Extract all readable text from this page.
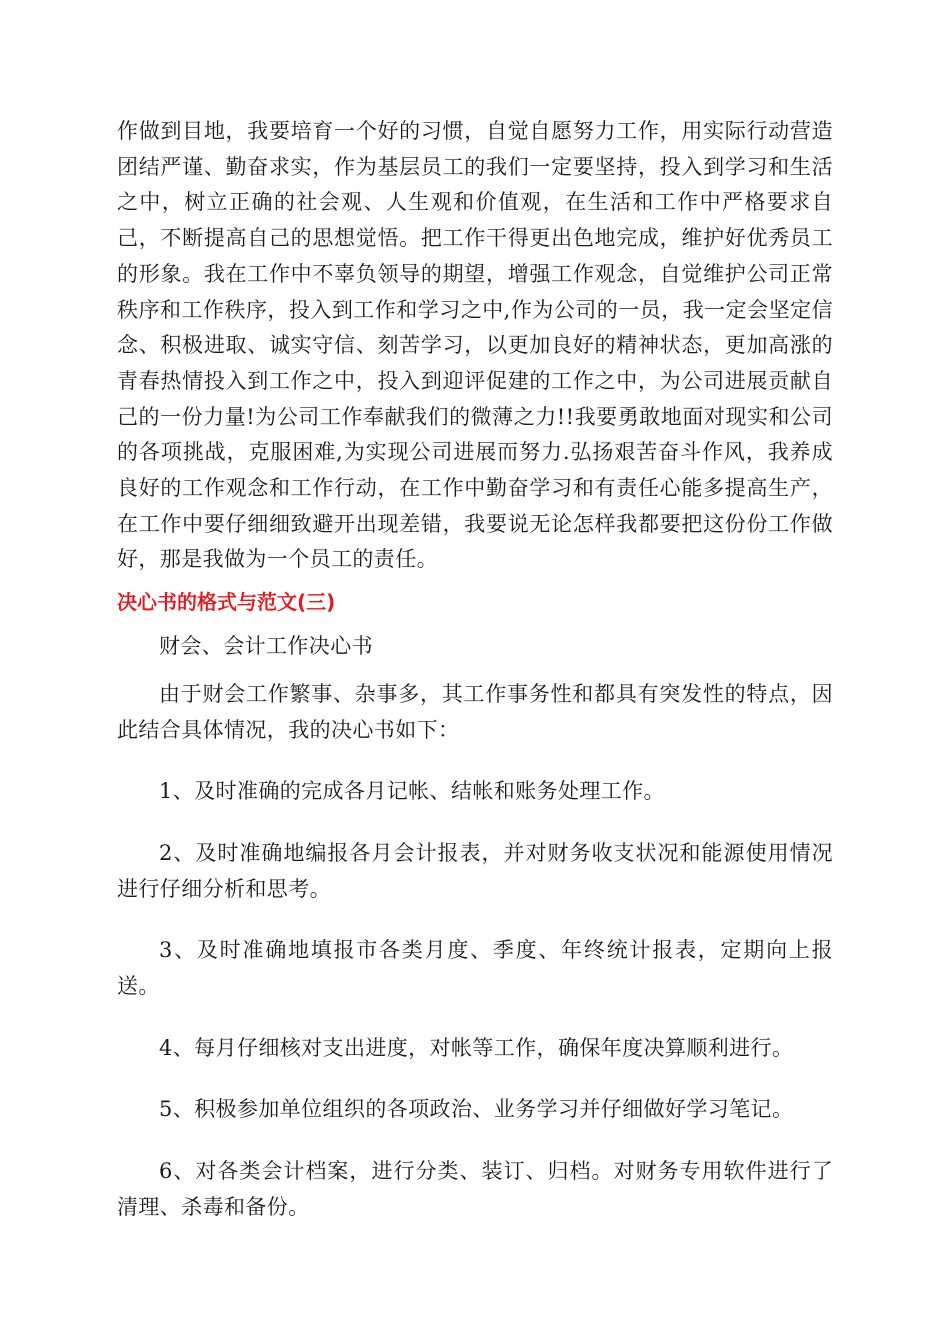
作做到目地，我要培育一个好的习惯，自觉自愿努力工作，用实际行动营造团结严谨、勤奋求实，作为基层员工的我们一定要坚持，投入到学习和生活之中，树立正确的社会观、人生观和价值观，在生活和工作中严格要求自己，不断提高自己的思想觉悟。把工作干得更出色地完成，维护好优秀员工的形象。我在工作中不辜负领导的期望，增强工作观念，自觉维护公司正常秩序和工作秩序，投入到工作和学习之中,作为公司的一员，我一定会坚定信念、积极进取、诚实守信、刻苦学习，以更加良好的精神状态，更加高涨的青春热情投入到工作之中，投入到迎评促建的工作之中，为公司进展贡献自己的一份力量!为公司工作奉献我们的微薄之力!!我要勇敢地面对现实和公司的各项挑战，克服困难,为实现公司进展而努力.弘扬艰苦奋斗作风，我养成良好的工作观念和工作行动，在工作中勤奋学习和有责任心能多提高生产，在工作中要仔细细致避开出现差错，我要说无论怎样我都要把这份份工作做好，那是我做为一个员工的责任。

决心书的格式与范文(三)

财会、会计工作决心书

由于财会工作繁事、杂事多，其工作事务性和都具有突发性的特点，因此结合具体情况，我的决心书如下：

1、及时准确的完成各月记帐、结帐和账务处理工作。

2、及时准确地编报各月会计报表，并对财务收支状况和能源使用情况进行仔细分析和思考。

3、及时准确地填报市各类月度、季度、年终统计报表，定期向上报送。

4、每月仔细核对支出进度，对帐等工作，确保年度决算顺利进行。

5、积极参加单位组织的各项政治、业务学习并仔细做好学习笔记。

6、对各类会计档案，进行分类、装订、归档。对财务专用软件进行了清理、杀毒和备份。
